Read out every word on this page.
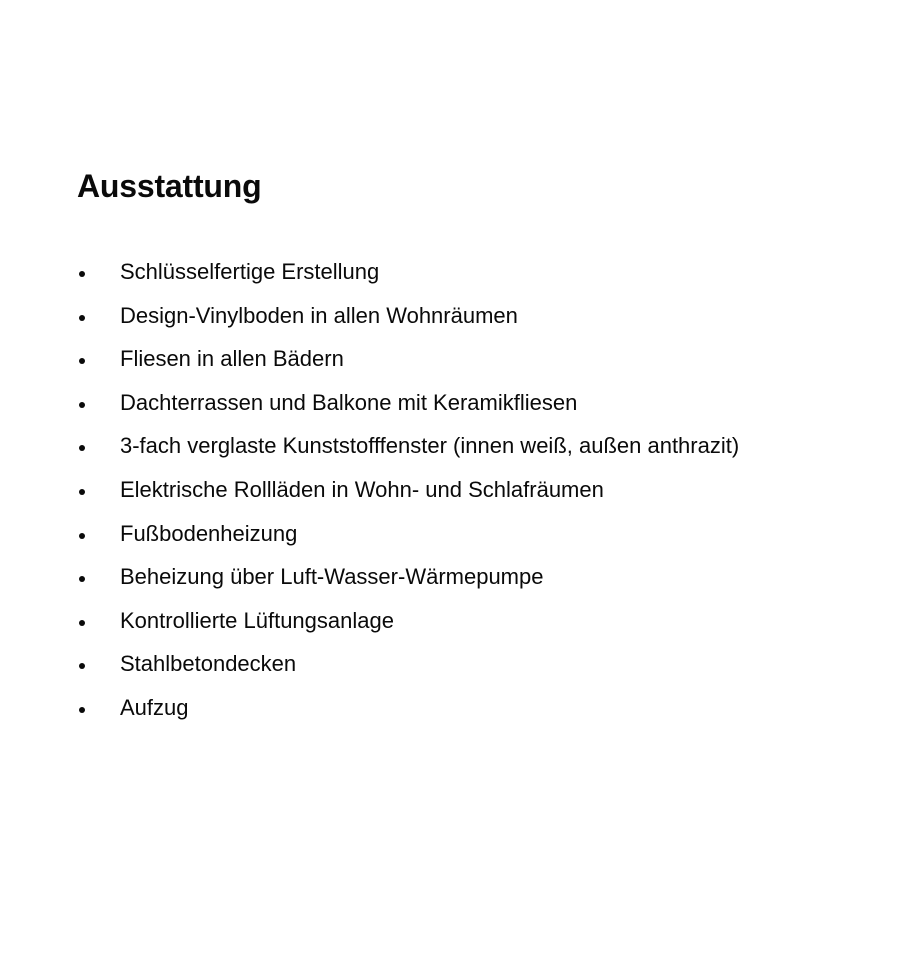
Ausstattung
Schlüsselfertige Erstellung
Design-Vinylboden in allen Wohnräumen
Fliesen in allen Bädern
Dachterrassen und Balkone mit Keramikfliesen
3-fach verglaste Kunststofffenster (innen weiß, außen anthrazit)
Elektrische Rollläden in Wohn- und Schlafräumen
Fußbodenheizung
Beheizung über Luft-Wasser-Wärmepumpe
Kontrollierte Lüftungsanlage
Stahlbetondecken
Aufzug
